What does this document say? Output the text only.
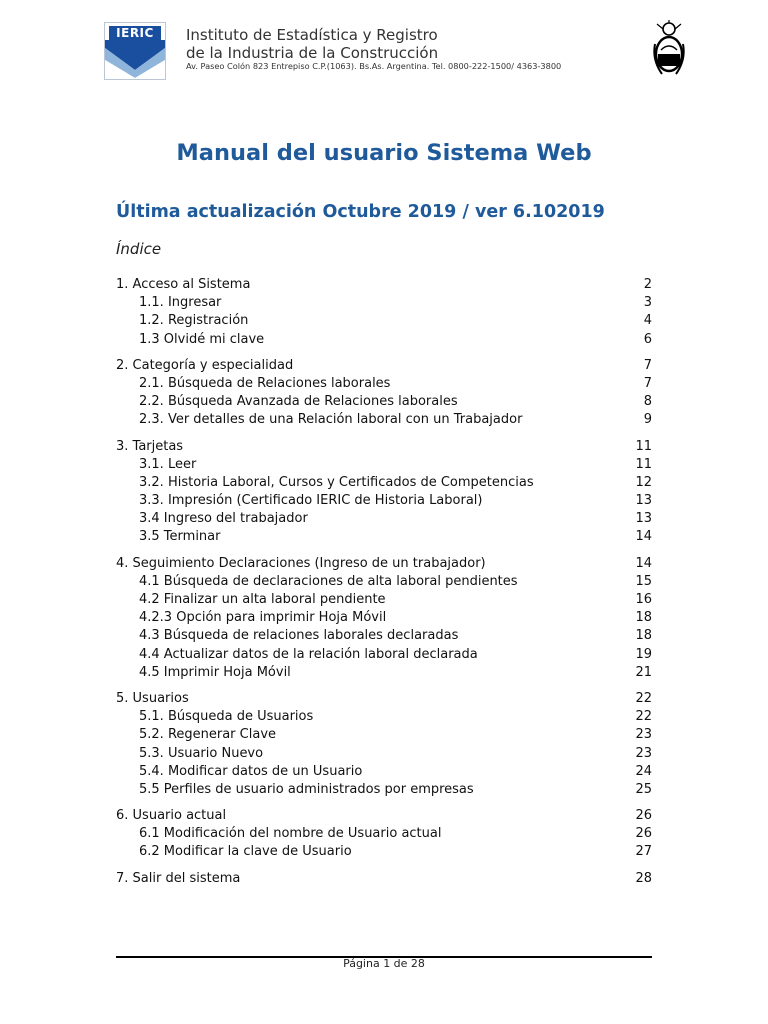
IERIC	Instituto de Estadística y Registro
de la Industria de la Construcción
Av. Paseo Colón 823 Entrepiso C.P.(1063). Bs.As. Argentina. Tel. 0800-222-1500/ 4363-3800
Manual del usuario Sistema Web
Última actualización Octubre 2019 / ver 6.102019
Índice
1. Acceso al Sistema	2
1.1. Ingresar	3
1.2. Registración	4
1.3 Olvidé mi clave	6
2. Categoría y especialidad	7
2.1. Búsqueda de Relaciones laborales	7
2.2. Búsqueda Avanzada de Relaciones laborales	8
2.3. Ver detalles de una Relación laboral con un Trabajador	9
3. Tarjetas	11
3.1. Leer	11
3.2. Historia Laboral, Cursos y Certificados de Competencias	12
3.3. Impresión (Certificado IERIC de Historia Laboral)	13
3.4 Ingreso del trabajador	13
3.5 Terminar	14
4. Seguimiento Declaraciones (Ingreso de un trabajador)	14
4.1 Búsqueda de declaraciones de alta laboral pendientes	15
4.2 Finalizar un alta laboral pendiente	16
4.2.3 Opción para imprimir Hoja Móvil	18
4.3 Búsqueda de relaciones laborales declaradas	18
4.4 Actualizar datos de la relación laboral declarada	19
4.5 Imprimir Hoja Móvil	21
5. Usuarios	22
5.1. Búsqueda de Usuarios	22
5.2. Regenerar Clave	23
5.3. Usuario Nuevo	23
5.4. Modificar datos de un Usuario	24
5.5 Perfiles de usuario administrados por empresas	25
6. Usuario actual	26
6.1 Modificación del nombre de Usuario actual	26
6.2 Modificar la clave de Usuario	27
7. Salir del sistema	28
Página 1 de 28
